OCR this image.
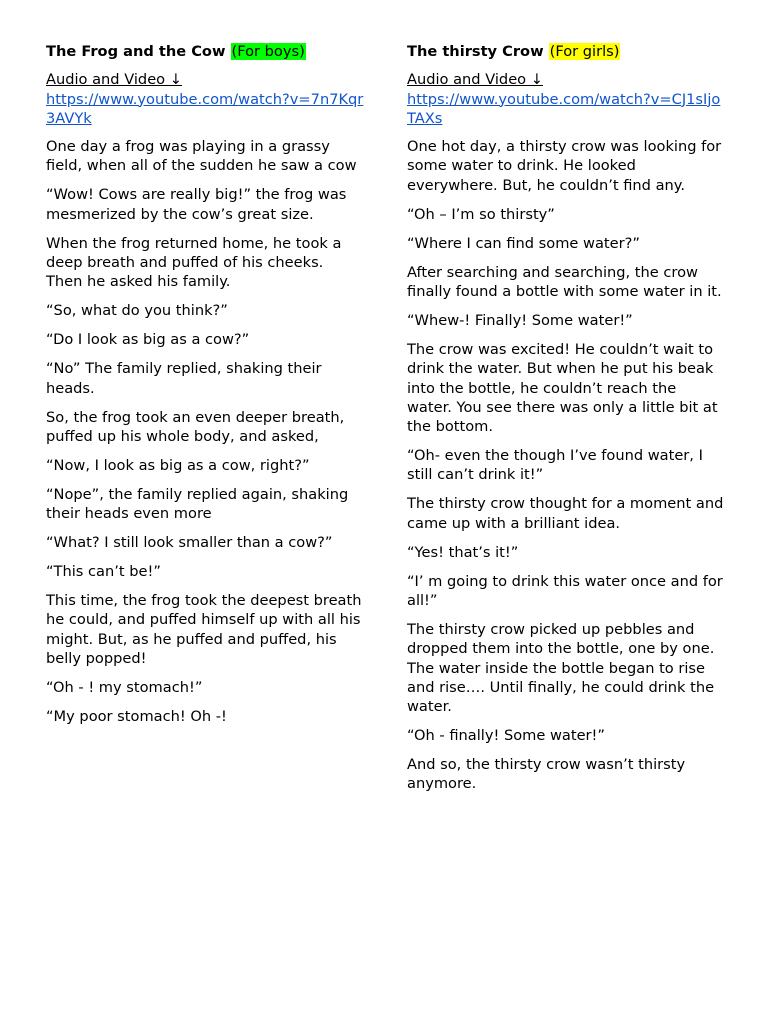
The Frog and the Cow (For boys)
Audio and Video ↓
https://www.youtube.com/watch?v=7n7Kqr3AVYk

One day a frog was playing in a grassy field, when all of the sudden he saw a cow

“Wow! Cows are really big!” the frog was mesmerized by the cow’s great size.

When the frog returned home, he took a deep breath and puffed of his cheeks. Then he asked his family.

“So, what do you think?”

“Do I look as big as a cow?”

“No” The family replied, shaking their heads.

So, the frog took an even deeper breath, puffed up his whole body, and asked,

“Now, I look as big as a cow, right?”

“Nope”, the family replied again, shaking their heads even more

“What? I still look smaller than a cow?”

“This can’t be!”

This time, the frog took the deepest breath he could, and puffed himself up with all his might. But, as he puffed and puffed, his belly popped!

“Oh - ! my stomach!”

“My poor stomach! Oh -!

The thirsty Crow (For girls)
Audio and Video ↓
https://www.youtube.com/watch?v=CJ1sIjoTAXs

One hot day, a thirsty crow was looking for some water to drink. He looked everywhere. But, he couldn’t find any.

“Oh – I’m so thirsty”

“Where I can find some water?”

After searching and searching, the crow finally found a bottle with some water in it.

“Whew-! Finally! Some water!”

The crow was excited! He couldn’t wait to drink the water. But when he put his beak into the bottle, he couldn’t reach the water. You see there was only a little bit at the bottom.

“Oh- even the though I’ve found water, I still can’t drink it!”

The thirsty crow thought for a moment and came up with a brilliant idea.

“Yes! that’s it!”

“I’ m going to drink this water once and for all!”

The thirsty crow picked up pebbles and dropped them into the bottle, one by one. The water inside the bottle began to rise and rise…. Until finally, he could drink the water.

“Oh - finally! Some water!”

And so, the thirsty crow wasn’t thirsty anymore.
